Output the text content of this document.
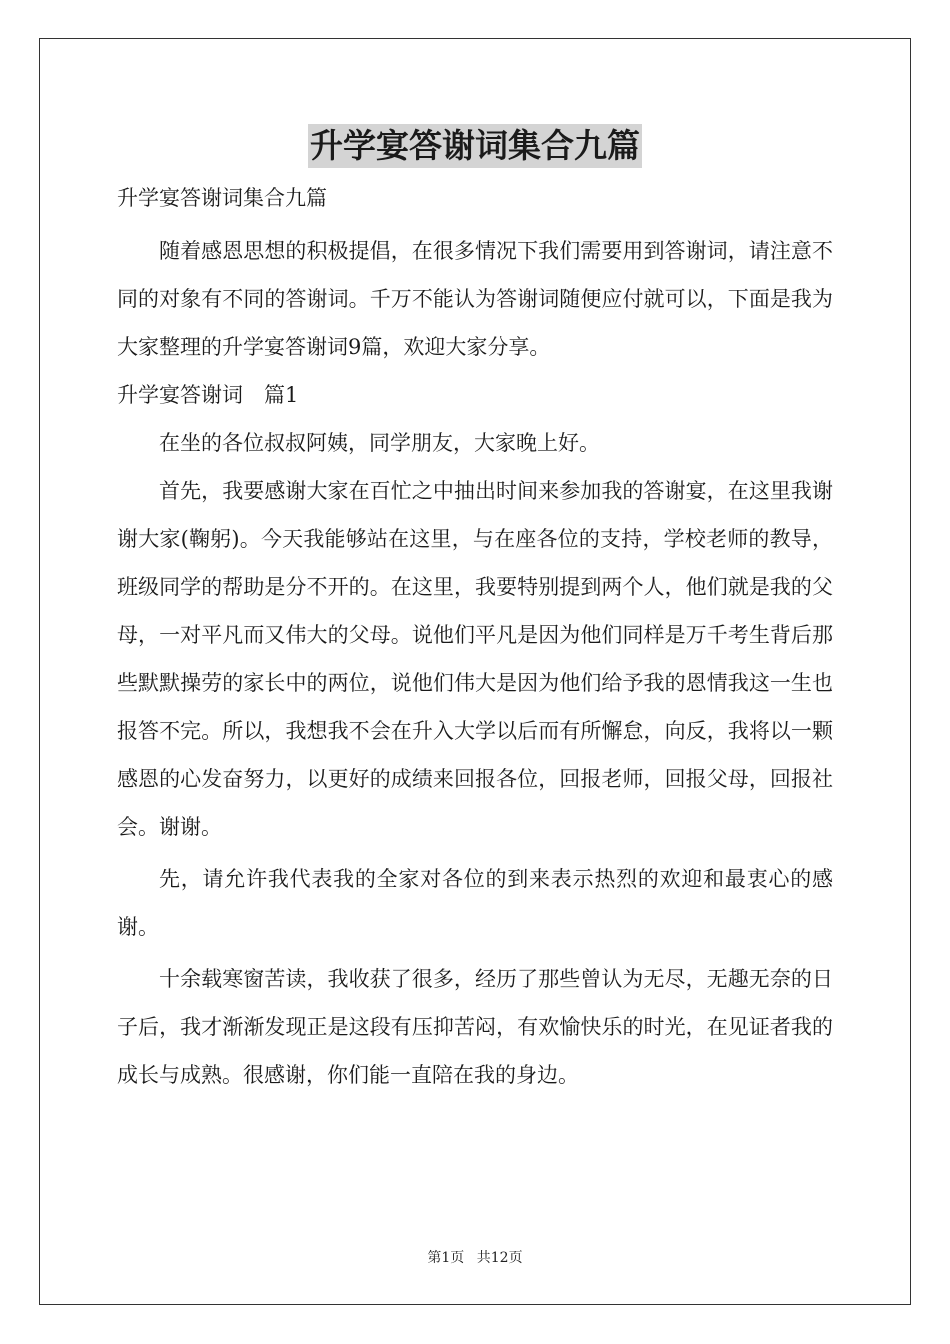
升学宴答谢词集合九篇

升学宴答谢词集合九篇

随着感恩思想的积极提倡，在很多情况下我们需要用到答谢词，请注意不同的对象有不同的答谢词。千万不能认为答谢词随便应付就可以，下面是我为大家整理的升学宴答谢词9篇，欢迎大家分享。

升学宴答谢词　篇1

在坐的各位叔叔阿姨，同学朋友，大家晚上好。

首先，我要感谢大家在百忙之中抽出时间来参加我的答谢宴，在这里我谢谢大家(鞠躬)。今天我能够站在这里，与在座各位的支持，学校老师的教导，班级同学的帮助是分不开的。在这里，我要特别提到两个人，他们就是我的父母，一对平凡而又伟大的父母。说他们平凡是因为他们同样是万千考生背后那些默默操劳的家长中的两位，说他们伟大是因为他们给予我的恩情我这一生也报答不完。所以，我想我不会在升入大学以后而有所懈怠，向反，我将以一颗感恩的心发奋努力，以更好的成绩来回报各位，回报老师，回报父母，回报社会。谢谢。

先，请允许我代表我的全家对各位的到来表示热烈的欢迎和最衷心的感谢。

十余载寒窗苦读，我收获了很多，经历了那些曾认为无尽，无趣无奈的日子后，我才渐渐发现正是这段有压抑苦闷，有欢愉快乐的时光，在见证者我的成长与成熟。很感谢，你们能一直陪在我的身边。

第1页 共12页
